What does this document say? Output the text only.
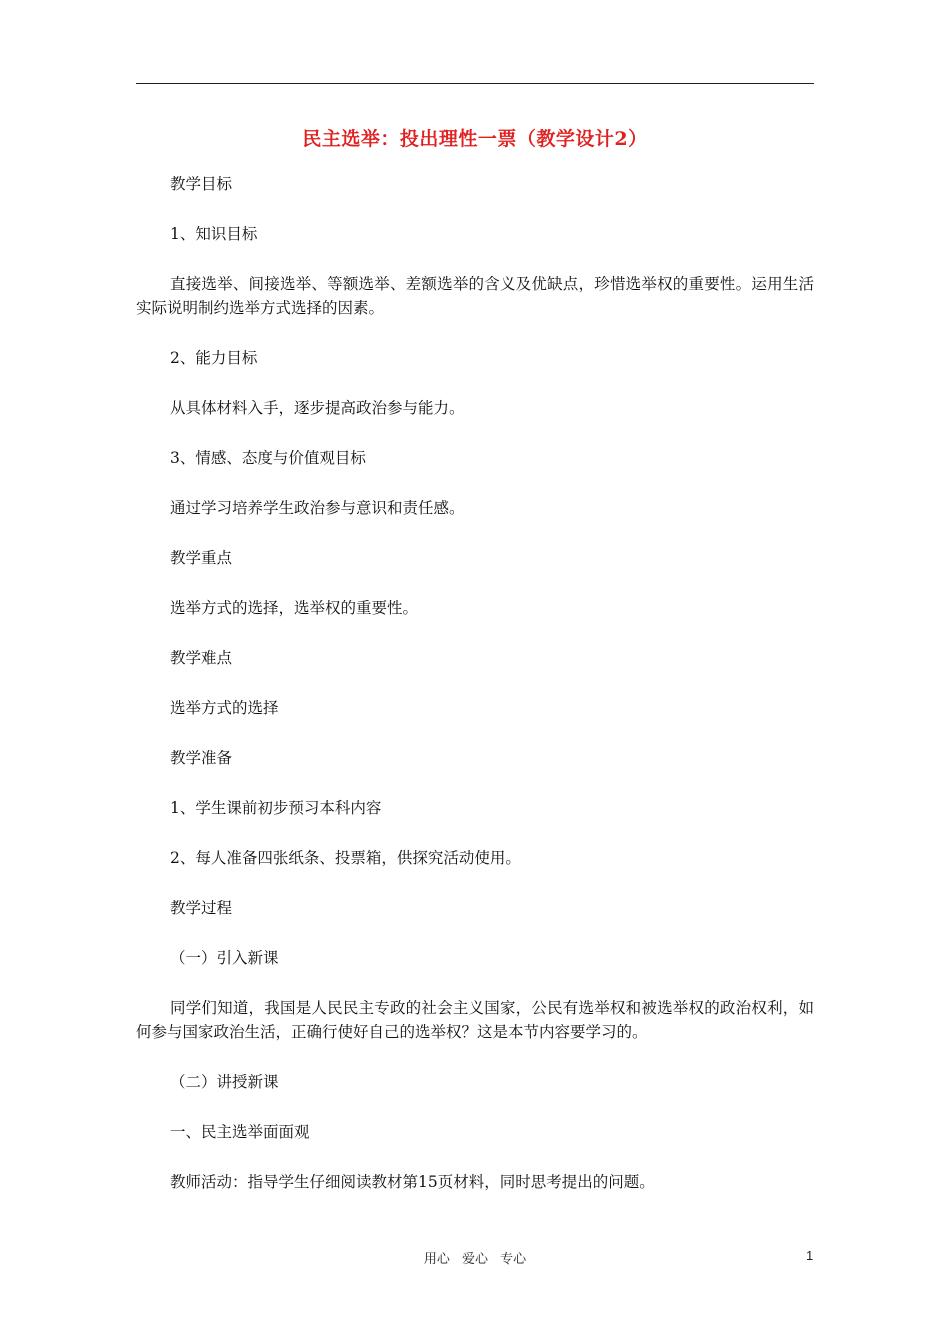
民主选举：投出理性一票（教学设计2）
教学目标
1、知识目标
直接选举、间接选举、等额选举、差额选举的含义及优缺点，珍惜选举权的重要性。运用生活实际说明制约选举方式选择的因素。
2、能力目标
从具体材料入手，逐步提高政治参与能力。
3、情感、态度与价值观目标
通过学习培养学生政治参与意识和责任感。
教学重点
选举方式的选择，选举权的重要性。
教学难点
选举方式的选择
教学准备
1、学生课前初步预习本科内容
2、每人准备四张纸条、投票箱，供探究活动使用。
教学过程
（一）引入新课
同学们知道，我国是人民民主专政的社会主义国家，公民有选举权和被选举权的政治权利，如何参与国家政治生活，正确行使好自己的选举权？这是本节内容要学习的。
（二）讲授新课
一、民主选举面面观
教师活动：指导学生仔细阅读教材第15页材料，同时思考提出的问题。
用心 爱心 专心	1
